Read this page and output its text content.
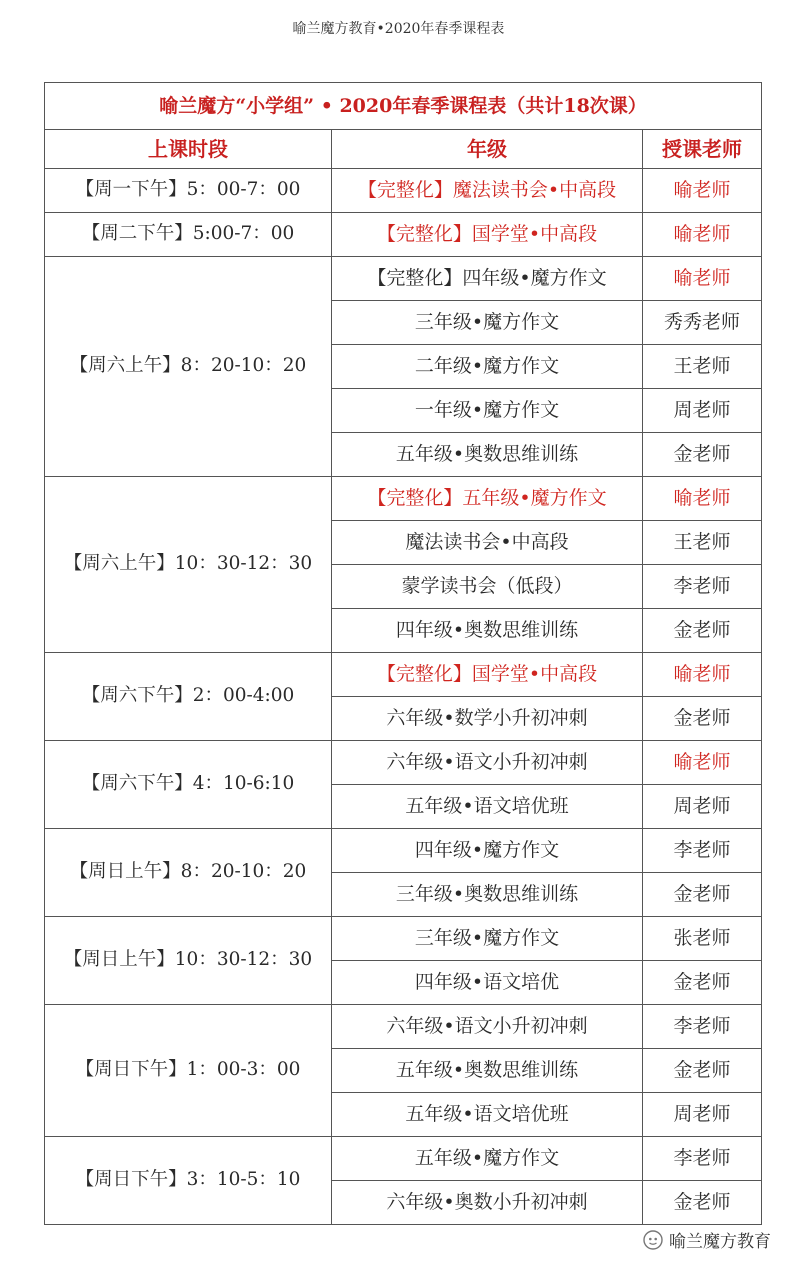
喻兰魔方教育•2020年春季课程表
喻兰魔方“小学组” • 2020年春季课程表（共计18次课）		
上课时段	年级	授课老师
【周一下午】5：00-7：00	【完整化】魔法读书会•中高段	喻老师
【周二下午】5:00-7：00	【完整化】国学堂•中高段	喻老师
【周六上午】8：20-10：20	【完整化】四年级•魔方作文	喻老师
	三年级•魔方作文	秀秀老师
	二年级•魔方作文	王老师
	一年级•魔方作文	周老师
	五年级•奥数思维训练	金老师
【周六上午】10：30-12：30	【完整化】五年级•魔方作文	喻老师
	魔法读书会•中高段	王老师
	蒙学读书会（低段）	李老师
	四年级•奥数思维训练	金老师
【周六下午】2：00-4:00	【完整化】国学堂•中高段	喻老师
	六年级•数学小升初冲刺	金老师
【周六下午】4：10-6:10	六年级•语文小升初冲刺	喻老师
	五年级•语文培优班	周老师
【周日上午】8：20-10：20	四年级•魔方作文	李老师
	三年级•奥数思维训练	金老师
【周日上午】10：30-12：30	三年级•魔方作文	张老师
	四年级•语文培优	金老师
【周日下午】1：00-3：00	六年级•语文小升初冲刺	李老师
	五年级•奥数思维训练	金老师
	五年级•语文培优班	周老师
【周日下午】3：10-5：10	五年级•魔方作文	李老师
	六年级•奥数小升初冲刺	金老师
喻兰魔方教育
